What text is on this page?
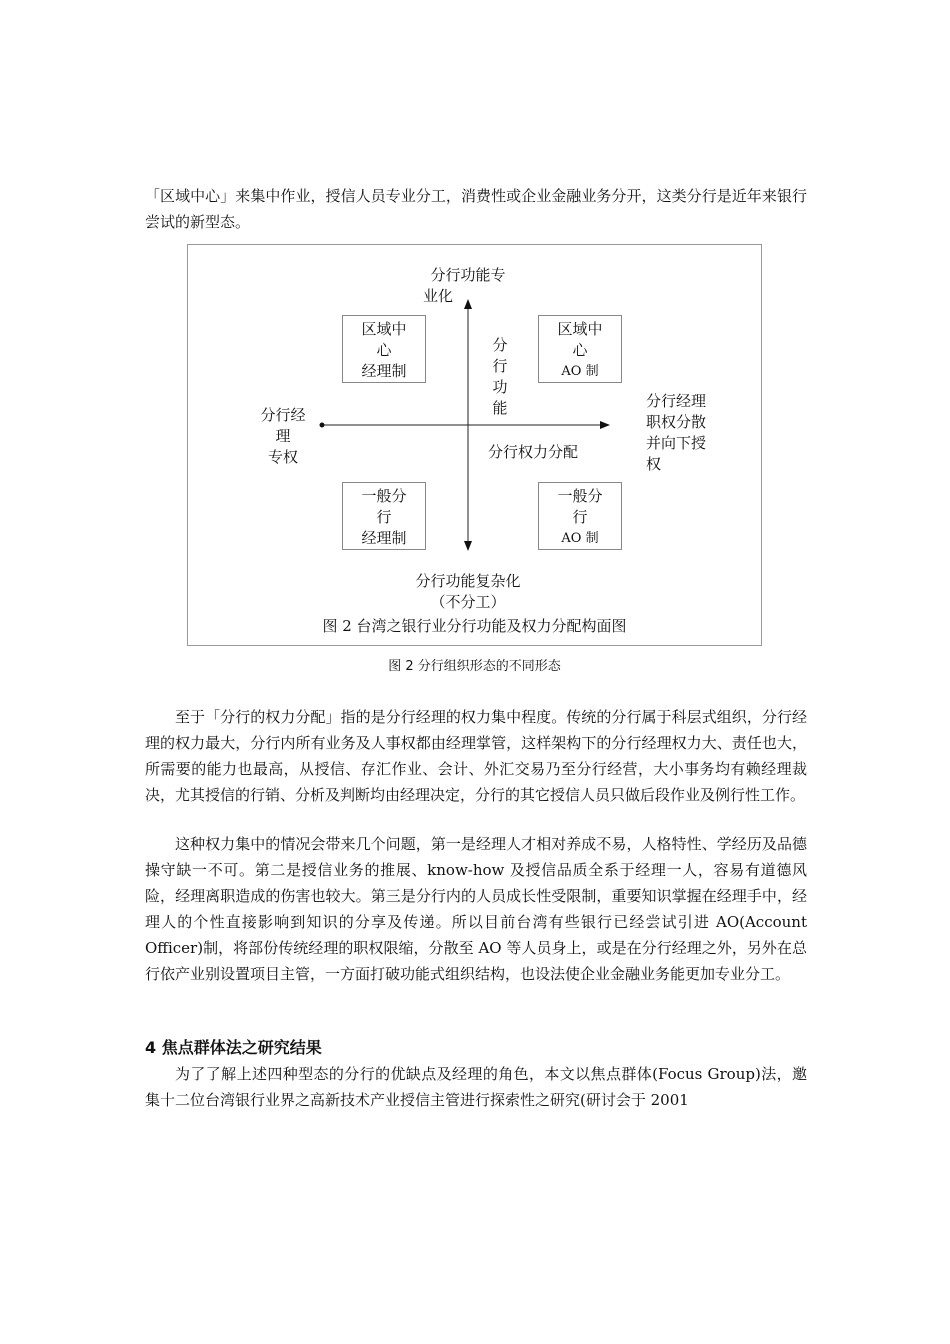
「区域中心」来集中作业，授信人员专业分工，消费性或企业金融业务分开，这类分行是近年来银行尝试的新型态。

分行功能专
业化
分行经
理
专权
分行经理
职权分散
并向下授
权
分
行
功
能
分行权力分配
区域中
心
经理制
区域中
心
AO 制
一般分
行
经理制
一般分
行
AO 制
分行功能复杂化
（不分工）
图 2 台湾之银行业分行功能及权力分配构面图
图 2 分行组织形态的不同形态

至于「分行的权力分配」指的是分行经理的权力集中程度。传统的分行属于科层式组织，分行经理的权力最大，分行内所有业务及人事权都由经理掌管，这样架构下的分行经理权力大、责任也大，所需要的能力也最高，从授信、存汇作业、会计、外汇交易乃至分行经营，大小事务均有赖经理裁决，尤其授信的行销、分析及判断均由经理决定，分行的其它授信人员只做后段作业及例行性工作。

这种权力集中的情况会带来几个问题，第一是经理人才相对养成不易，人格特性、学经历及品德操守缺一不可。第二是授信业务的推展、know-how 及授信品质全系于经理一人，容易有道德风险，经理离职造成的伤害也较大。第三是分行内的人员成长性受限制，重要知识掌握在经理手中，经理人的个性直接影响到知识的分享及传递。所以目前台湾有些银行已经尝试引进 AO(Account Officer)制，将部份传统经理的职权限缩，分散至 AO 等人员身上，或是在分行经理之外，另外在总行依产业别设置项目主管，一方面打破功能式组织结构，也设法使企业金融业务能更加专业分工。

4 焦点群体法之研究结果

为了了解上述四种型态的分行的优缺点及经理的角色，本文以焦点群体(Focus Group)法，邀集十二位台湾银行业界之高新技术产业授信主管进行探索性之研究(研讨会于 2001
